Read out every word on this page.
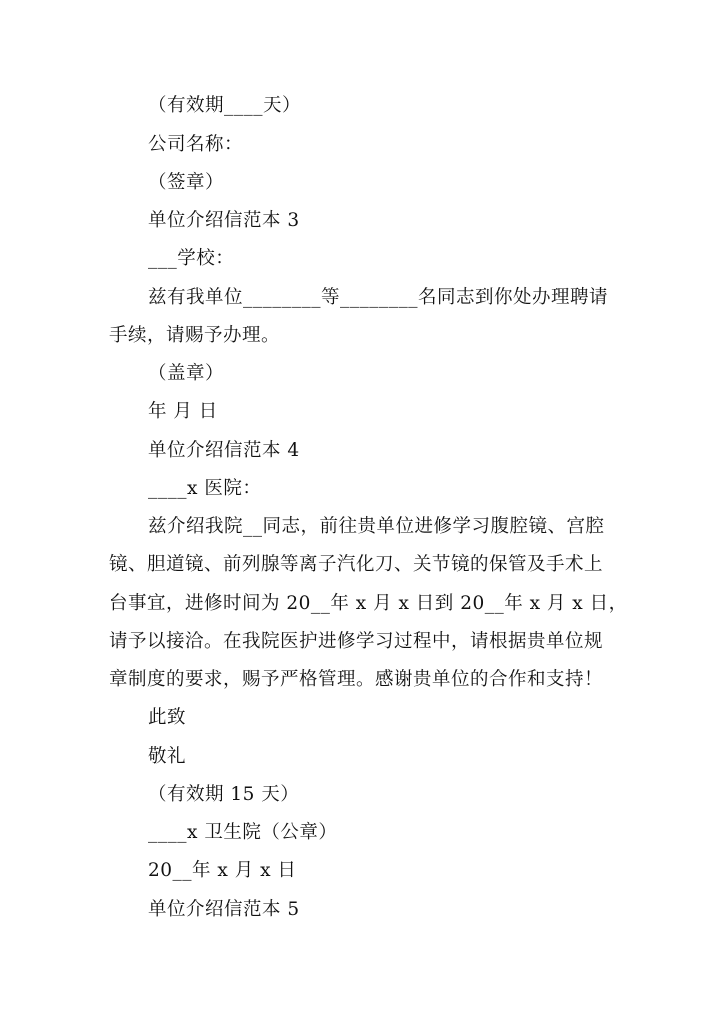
（有效期____天）
公司名称：
（签章）
单位介绍信范本 3
___学校：
兹有我单位________等________名同志到你处办理聘请
手续，请赐予办理。
（盖章）
年 月 日
单位介绍信范本 4
____x 医院：
兹介绍我院__同志，前往贵单位进修学习腹腔镜、宫腔
镜、胆道镜、前列腺等离子汽化刀、关节镜的保管及手术上
台事宜，进修时间为 20__年 x 月 x 日到 20__年 x 月 x 日，
请予以接洽。在我院医护进修学习过程中，请根据贵单位规
章制度的要求，赐予严格管理。感谢贵单位的合作和支持！
此致
敬礼
（有效期 15 天）
____x 卫生院（公章）
20__年 x 月 x 日
单位介绍信范本 5
